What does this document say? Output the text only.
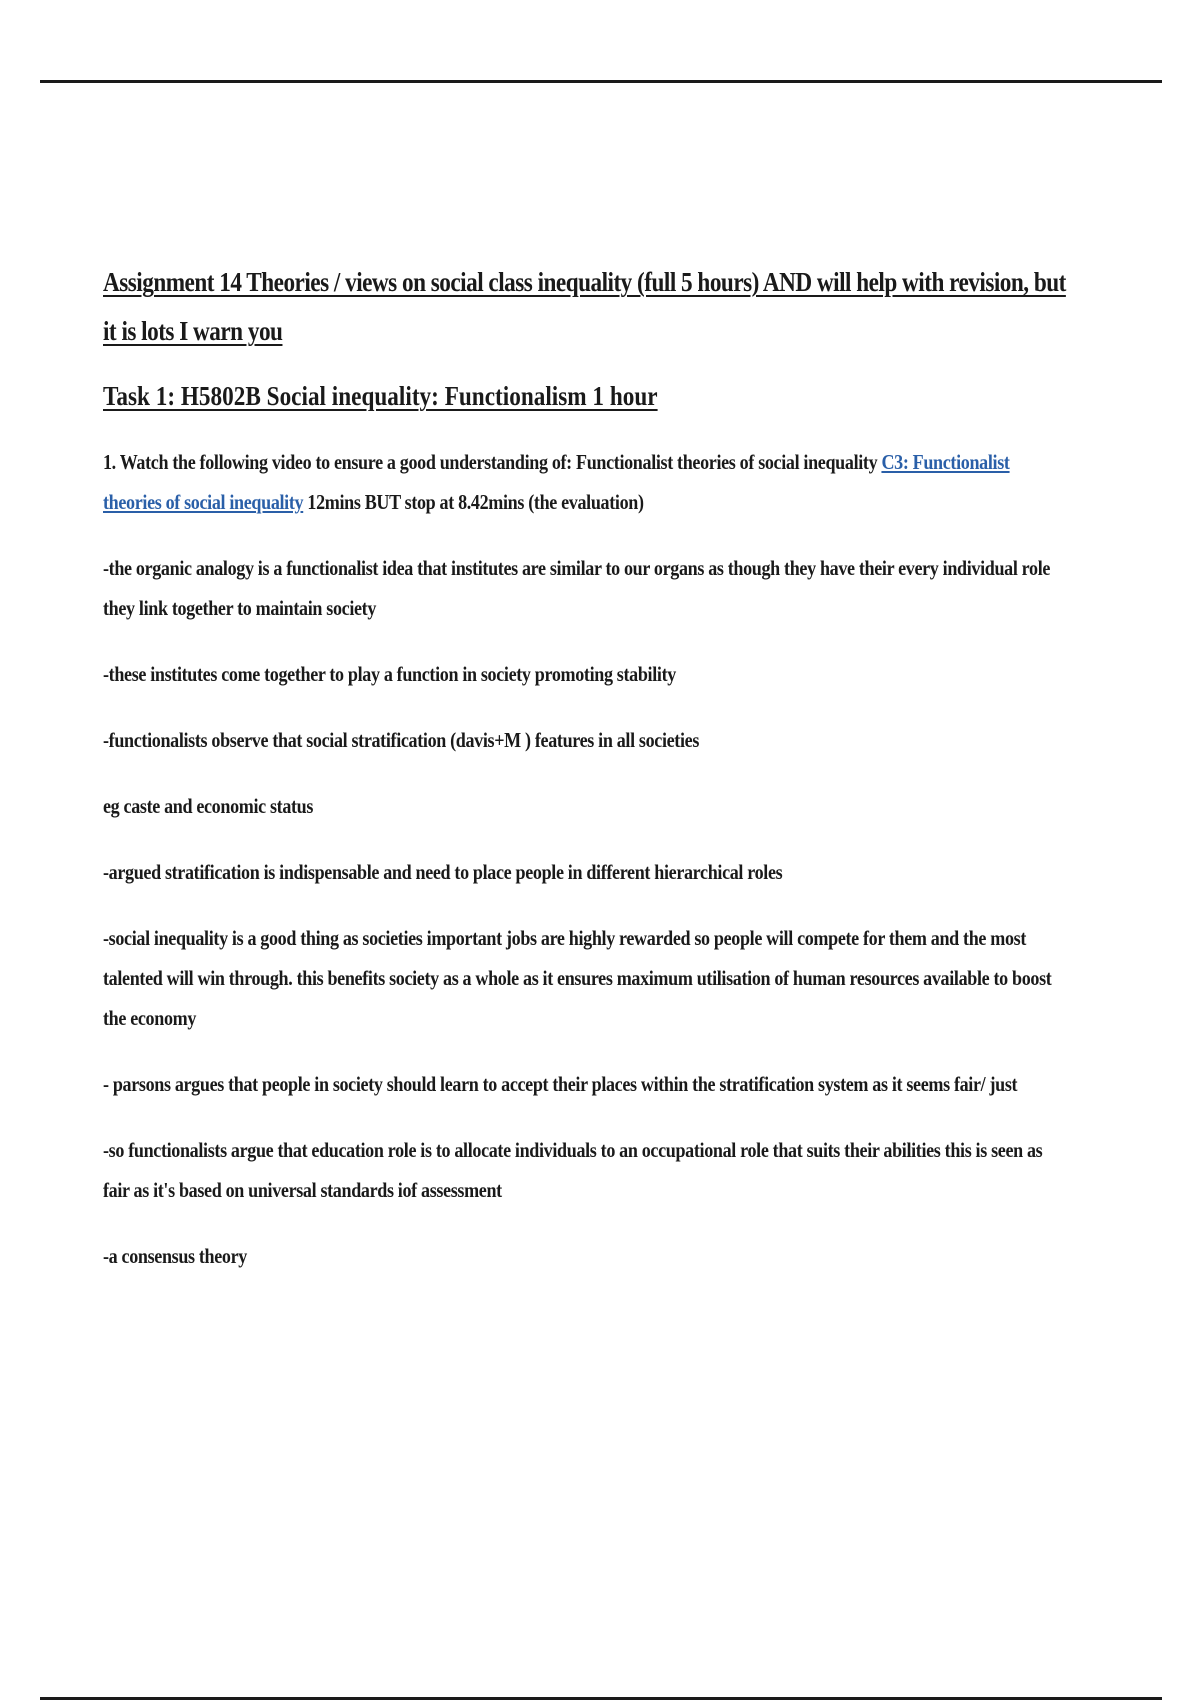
Assignment 14 Theories / views on social class inequality (full 5 hours) AND will help with revision, but it is lots I warn you
Task 1: H5802B Social inequality: Functionalism 1 hour

1. Watch the following video to ensure a good understanding of: Functionalist theories of social inequality C3: Functionalist theories of social inequality 12mins BUT stop at 8.42mins (the evaluation)

-the organic analogy is a functionalist idea that institutes are similar to our organs as though they have their every individual role they link together to maintain society

-these institutes come together to play a function in society promoting stability

-functionalists observe that social stratification (davis+M ) features in all societies

eg caste and economic status

-argued stratification is indispensable and need to place people in different hierarchical roles

-social inequality is a good thing as societies important jobs are highly rewarded so people will compete for them and the most talented will win through. this benefits society as a whole as it ensures maximum utilisation of human resources available to boost the economy

- parsons argues that people in society should learn to accept their places within the stratification system as it seems fair/ just

-so functionalists argue that education role is to allocate individuals to an occupational role that suits their abilities this is seen as fair as it's based on universal standards iof assessment

-a consensus theory
